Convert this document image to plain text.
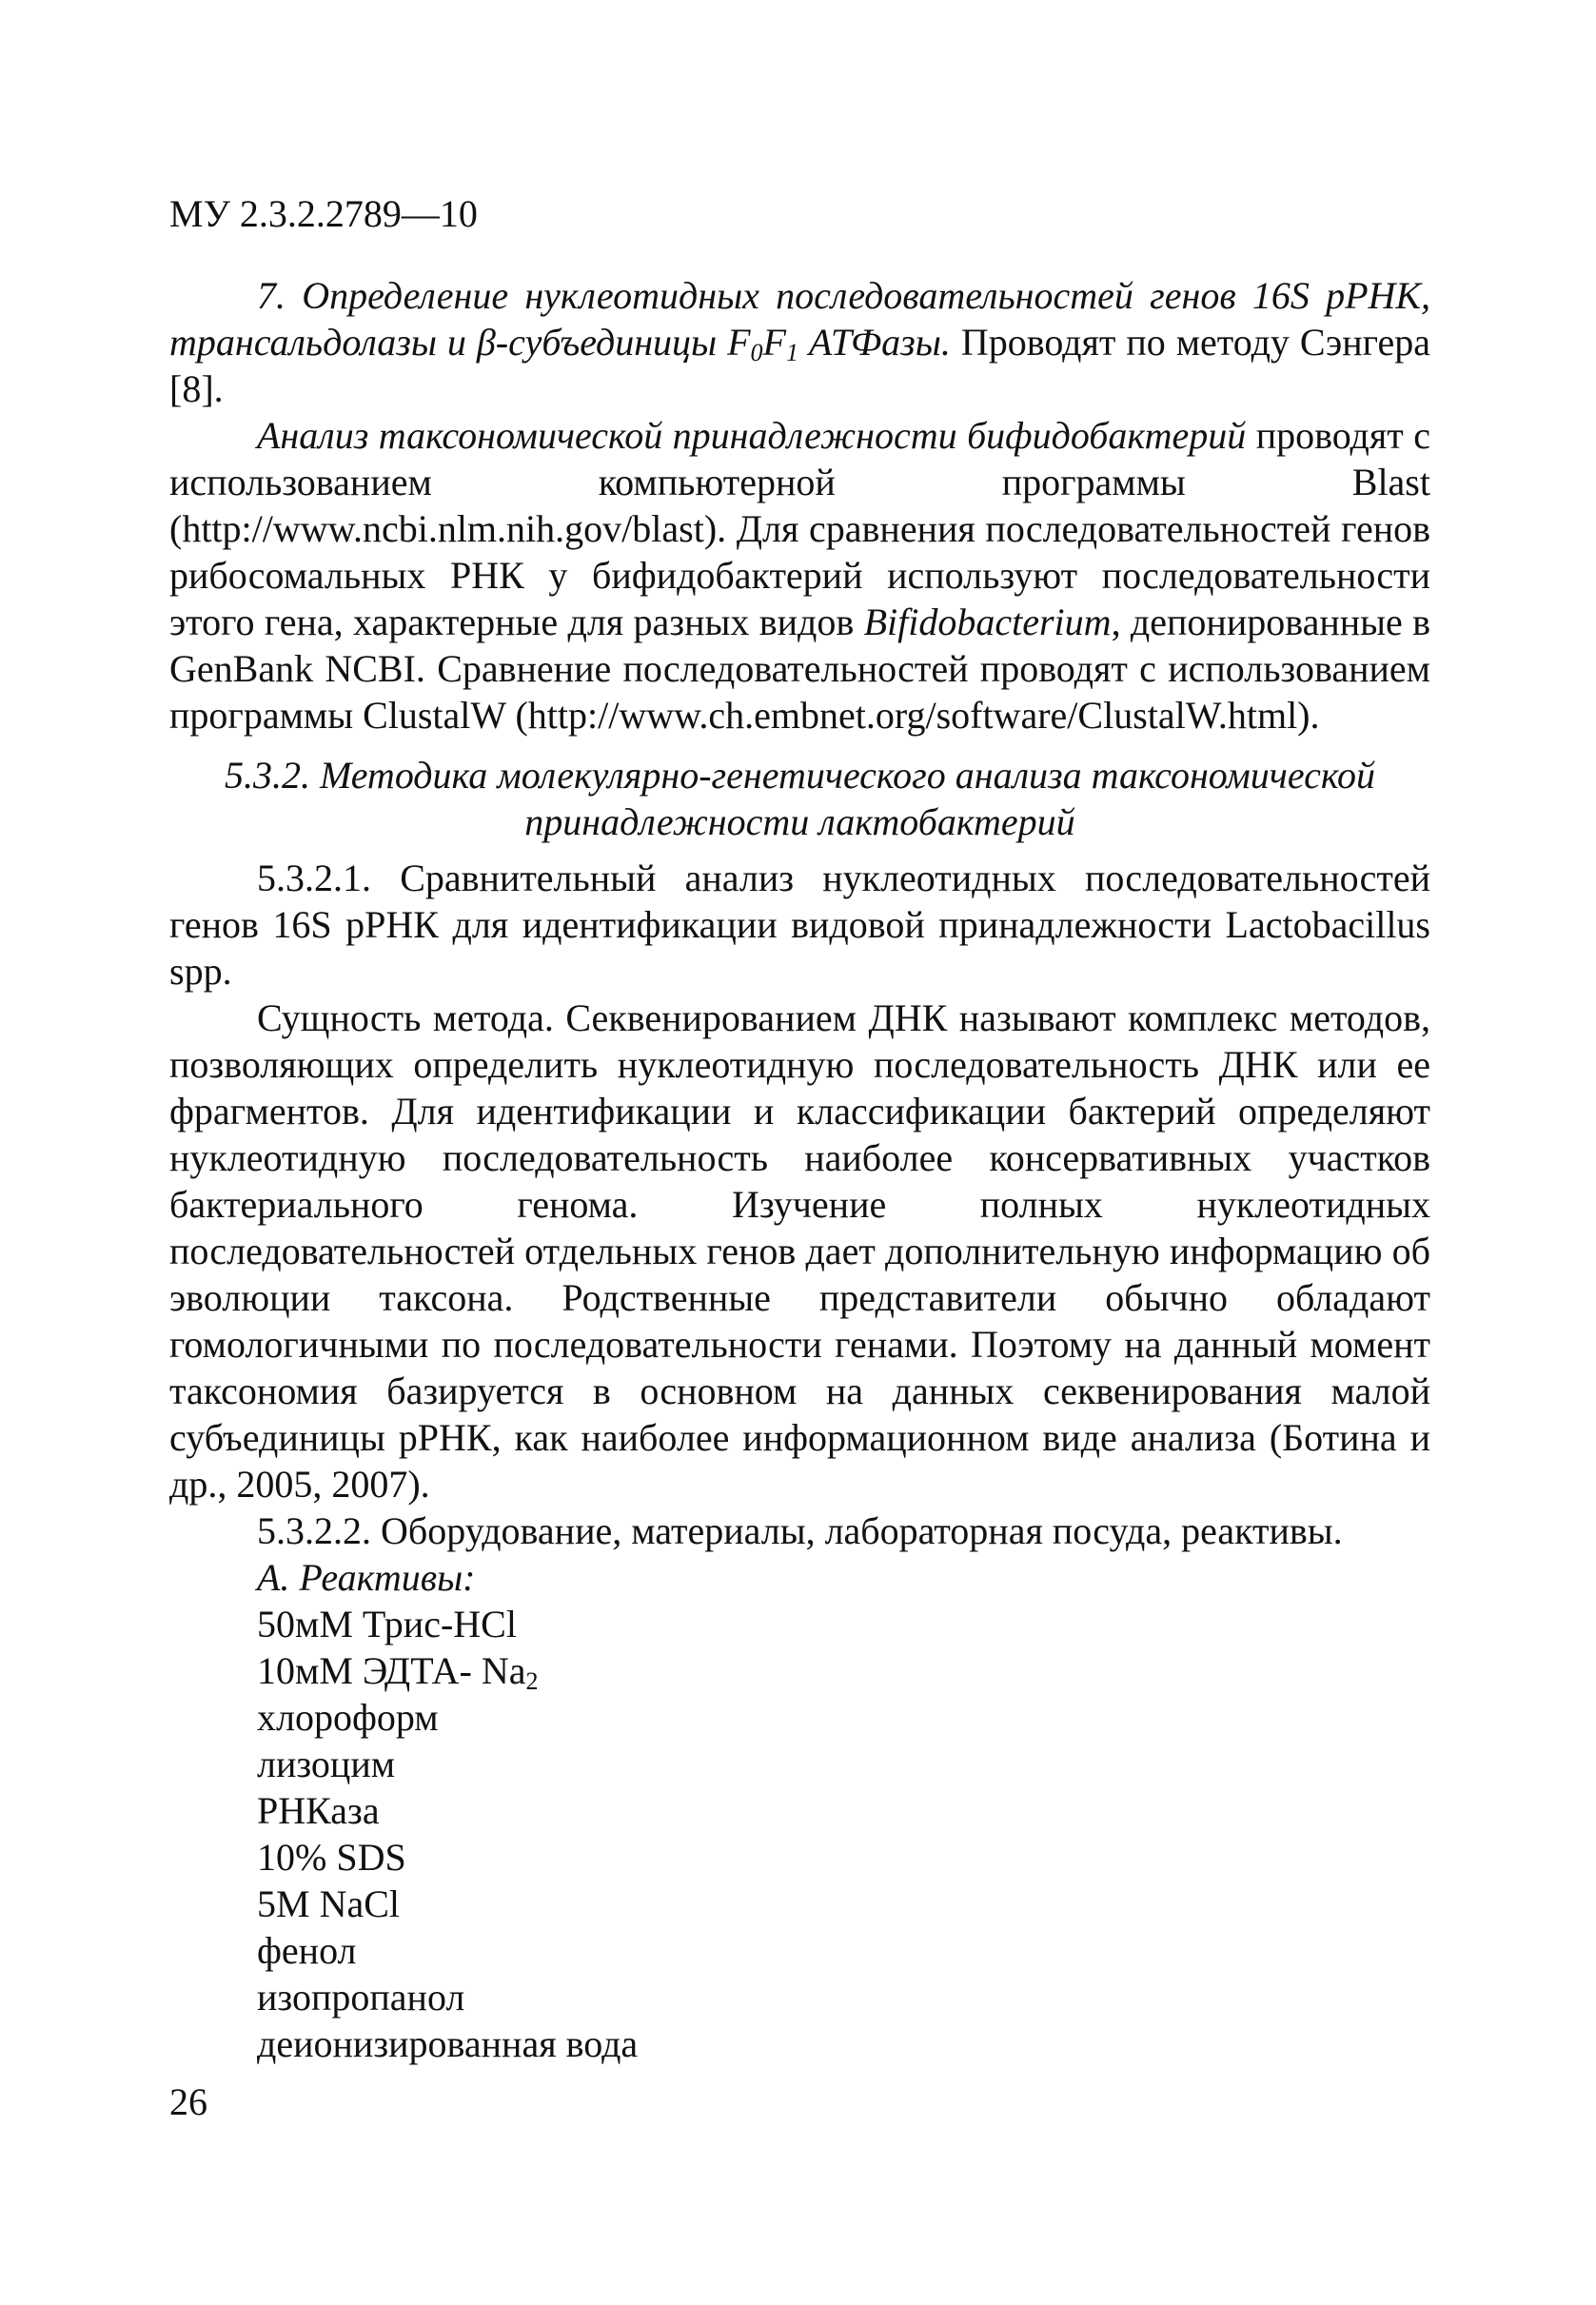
МУ 2.3.2.2789—10

7. Определение нуклеотидных последовательностей генов 16S рРНК, трансальдолазы и β-субъединицы $F_0F_1$ АТФазы. Проводят по методу Сэнгера [8].

Анализ таксономической принадлежности бифидобактерий проводят с использованием компьютерной программы Blast (http://www.ncbi.nlm.nih.gov/blast). Для сравнения последовательностей генов рибосомальных РНК у бифидобактерий используют последовательности этого гена, характерные для разных видов Bifidobacterium, депонированные в GenBank NCBI. Сравнение последовательностей проводят с использованием программы ClustalW (http://www.ch.embnet.org/software/ClustalW.html).

5.3.2. Методика молекулярно-генетического анализа таксономической
принадлежности лактобактерий

5.3.2.1. Сравнительный анализ нуклеотидных последовательностей генов 16S рРНК для идентификации видовой принадлежности Lactobacillus spp.

Сущность метода. Секвенированием ДНК называют комплекс методов, позволяющих определить нуклеотидную последовательность ДНК или ее фрагментов. Для идентификации и классификации бактерий определяют нуклеотидную последовательность наиболее консервативных участков бактериального генома. Изучение полных нуклеотидных последовательностей отдельных генов дает дополнительную информацию об эволюции таксона. Родственные представители обычно обладают гомологичными по последовательности генами. Поэтому на данный момент таксономия базируется в основном на данных секвенирования малой субъединицы рРНК, как наиболее информационном виде анализа (Ботина и др., 2005, 2007).

5.3.2.2. Оборудование, материалы, лабораторная посуда, реактивы.

А. Реактивы:

50мМ Трис-HCl
10мМ ЭДТА- $Na_2$
хлороформ
лизоцим
РНКаза
10% SDS
5M NaCl
фенол
изопропанол
деионизированная вода

26
